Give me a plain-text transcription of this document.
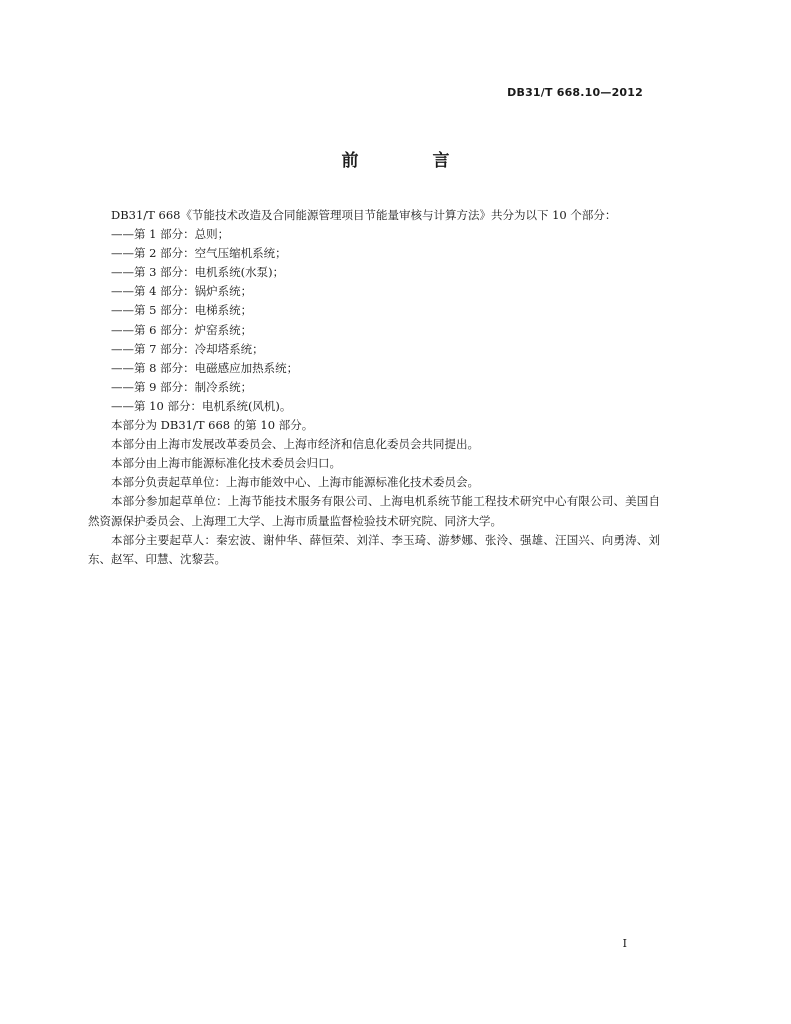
DB31/T 668.10—2012
前 言

DB31/T 668《节能技术改造及合同能源管理项目节能量审核与计算方法》共分为以下 10 个部分：

——第 1 部分：总则；

——第 2 部分：空气压缩机系统；

——第 3 部分：电机系统(水泵)；

——第 4 部分：锅炉系统；

——第 5 部分：电梯系统；

——第 6 部分：炉窑系统；

——第 7 部分：冷却塔系统；

——第 8 部分：电磁感应加热系统；

——第 9 部分：制冷系统；

——第 10 部分：电机系统(风机)。

本部分为 DB31/T 668 的第 10 部分。

本部分由上海市发展改革委员会、上海市经济和信息化委员会共同提出。

本部分由上海市能源标准化技术委员会归口。

本部分负责起草单位：上海市能效中心、上海市能源标准化技术委员会。

本部分参加起草单位：上海节能技术服务有限公司、上海电机系统节能工程技术研究中心有限公司、美国自然资源保护委员会、上海理工大学、上海市质量监督检验技术研究院、同济大学。

本部分主要起草人：秦宏波、谢仲华、薛恒荣、刘洋、李玉琦、游梦娜、张泠、强雄、汪国兴、向勇涛、刘东、赵军、印慧、沈黎芸。

I
